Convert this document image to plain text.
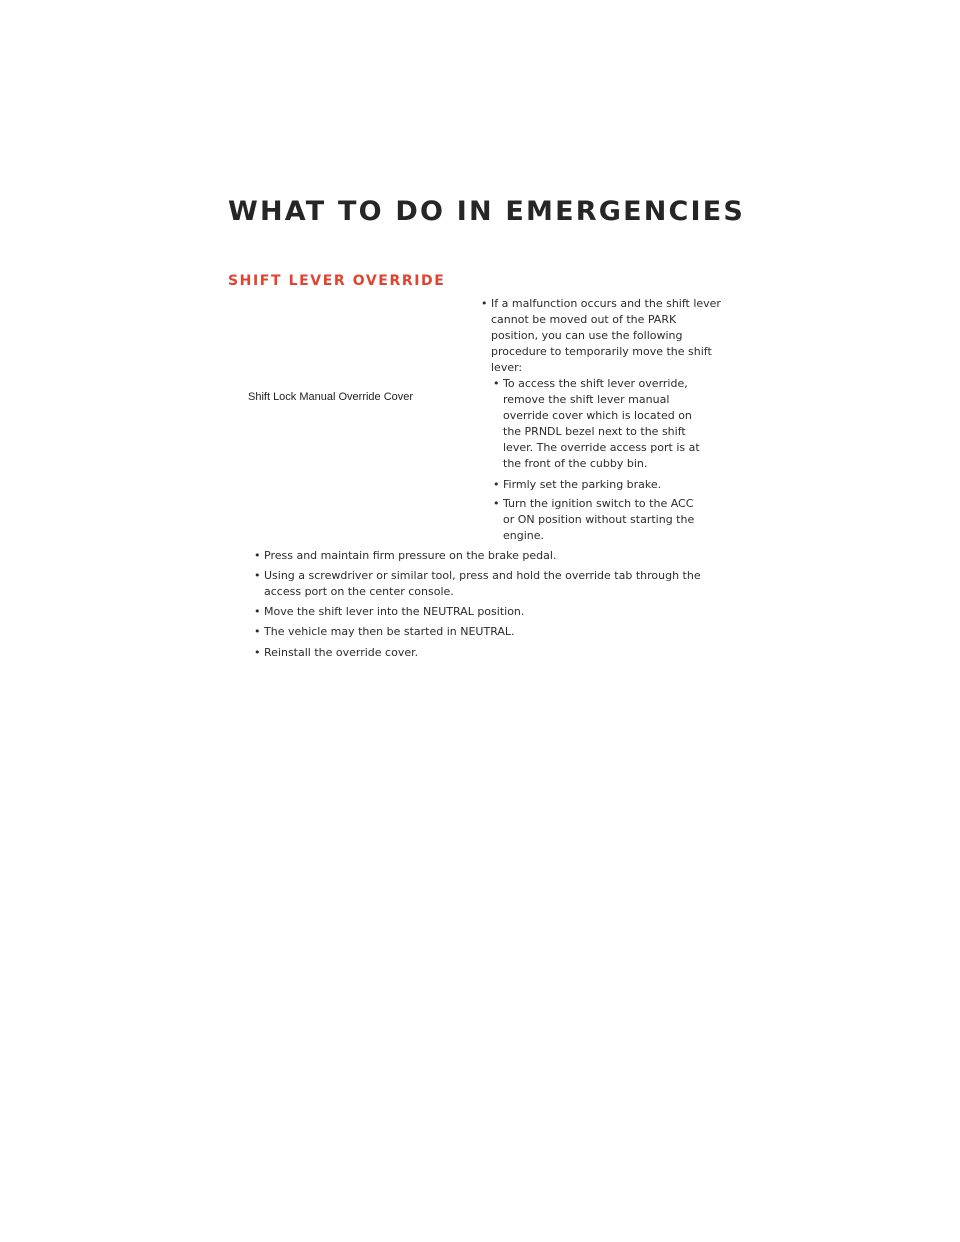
WHAT TO DO IN EMERGENCIES
SHIFT LEVER OVERRIDE
Shift Lock Manual Override Cover

• If a malfunction occurs and the shift lever cannot be moved out of the PARK position, you can use the following procedure to temporarily move the shift lever:

• To access the shift lever override, remove the shift lever manual override cover which is located on the PRNDL bezel next to the shift lever. The override access port is at the front of the cubby bin.

• Firmly set the parking brake.

• Turn the ignition switch to the ACC or ON position without starting the engine.

• Press and maintain firm pressure on the brake pedal.

• Using a screwdriver or similar tool, press and hold the override tab through the access port on the center console.

• Move the shift lever into the NEUTRAL position.

• The vehicle may then be started in NEUTRAL.

• Reinstall the override cover.
